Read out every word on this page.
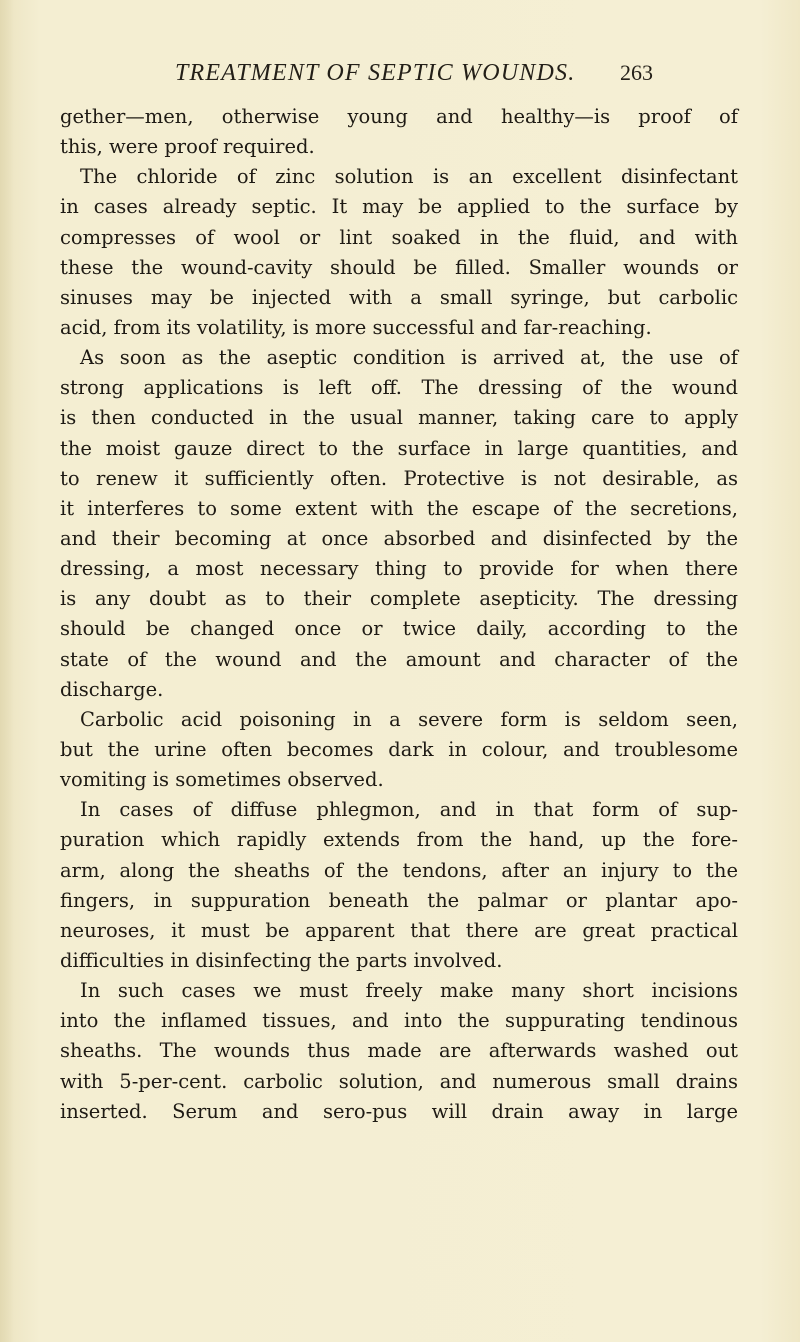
TREATMENT OF SEPTIC WOUNDS. 263
gether—men, otherwise young and healthy—is proof of
this, were proof required.
The chloride of zinc solution is an excellent disinfectant
in cases already septic. It may be applied to the surface by
compresses of wool or lint soaked in the fluid, and with
these the wound-cavity should be filled. Smaller wounds or
sinuses may be injected with a small syringe, but carbolic
acid, from its volatility, is more successful and far-reaching.
As soon as the aseptic condition is arrived at, the use of
strong applications is left off. The dressing of the wound
is then conducted in the usual manner, taking care to apply
the moist gauze direct to the surface in large quantities, and
to renew it sufficiently often. Protective is not desirable, as
it interferes to some extent with the escape of the secretions,
and their becoming at once absorbed and disinfected by the
dressing, a most necessary thing to provide for when there
is any doubt as to their complete asepticity. The dressing
should be changed once or twice daily, according to the
state of the wound and the amount and character of the
discharge.
Carbolic acid poisoning in a severe form is seldom seen,
but the urine often becomes dark in colour, and troublesome
vomiting is sometimes observed.
In cases of diffuse phlegmon, and in that form of sup-
puration which rapidly extends from the hand, up the fore-
arm, along the sheaths of the tendons, after an injury to the
fingers, in suppuration beneath the palmar or plantar apo-
neuroses, it must be apparent that there are great practical
difficulties in disinfecting the parts involved.
In such cases we must freely make many short incisions
into the inflamed tissues, and into the suppurating tendinous
sheaths. The wounds thus made are afterwards washed out
with 5-per-cent. carbolic solution, and numerous small drains
inserted. Serum and sero-pus will drain away in large
